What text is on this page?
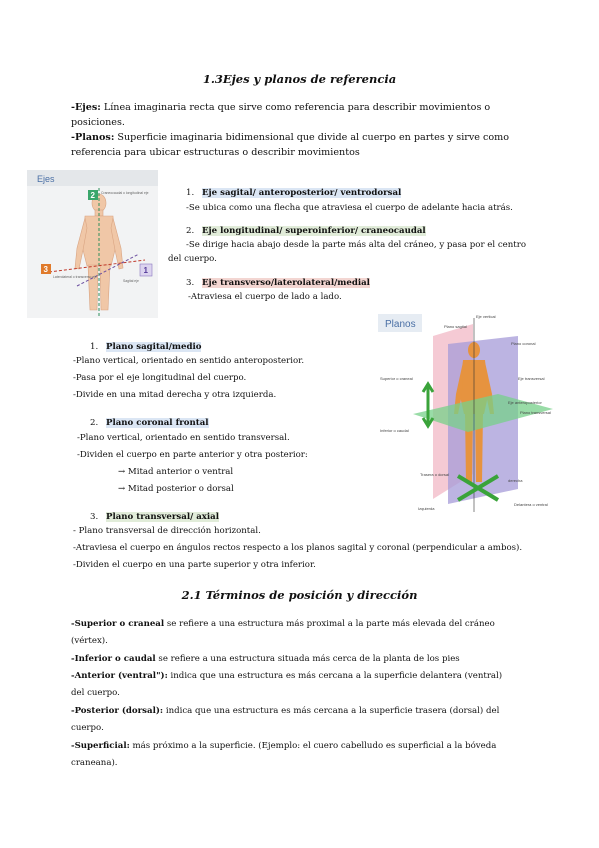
1.3Ejes y planos de referencia
-Ejes: Línea imaginaria recta que sirve como referencia para describir movimientos o
posiciones.
-Planos: Superficie imaginaria bidimensional que divide al cuerpo en partes y sirve como
referencia para ubicar estructuras o describir movimientos
Ejes
2 Craneocaudal o longitudinal eje
3
Laterolateral o transverso eje
1
Sagital eje
1. Eje sagital/ anteroposterior/ ventrodorsal
-Se ubica como una flecha que atraviesa el cuerpo de adelante hacia atrás.
2. Eje longitudinal/ superoinferior/ craneocaudal
-Se dirige hacia abajo desde la parte más alta del cráneo, y pasa por el centro
del cuerpo.
3. Eje transverso/laterolateral/medial
-Atraviesa el cuerpo de lado a lado.
Planos	Plano sagital
Plano coronal
Eje vertical
Eje transversal
Eje anteroposterior
Superior o craneal
Inferior o caudal
Plano transversal
Trasera o dorsal
derecha
Izquierda
Delantera o ventral
1. Plano sagital/medio
-Plano vertical, orientado en sentido anteroposterior.
-Pasa por el eje longitudinal del cuerpo.
-Divide en una mitad derecha y otra izquierda.
2. Plano coronal frontal
-Plano vertical, orientado en sentido transversal.
-Dividen el cuerpo en parte anterior y otra posterior:
→ Mitad anterior o ventral
→ Mitad posterior o dorsal
3. Plano transversal/ axial
- Plano transversal de dirección horizontal.
-Atraviesa el cuerpo en ángulos rectos respecto a los planos sagital y coronal (perpendicular a ambos).
-Dividen el cuerpo en una parte superior y otra inferior.
2.1 Términos de posición y dirección
-Superior o craneal se refiere a una estructura más proximal a la parte más elevada del cráneo
(vértex).
-Inferior o caudal se refiere a una estructura situada más cerca de la planta de los pies
-Anterior (ventral"): indica que una estructura es más cercana a la superficie delantera (ventral)
del cuerpo.
-Posterior (dorsal): indica que una estructura es más cercana a la superficie trasera (dorsal) del
cuerpo.
-Superficial: más próximo a la superficie. (Ejemplo: el cuero cabelludo es superficial a la bóveda
craneana).
